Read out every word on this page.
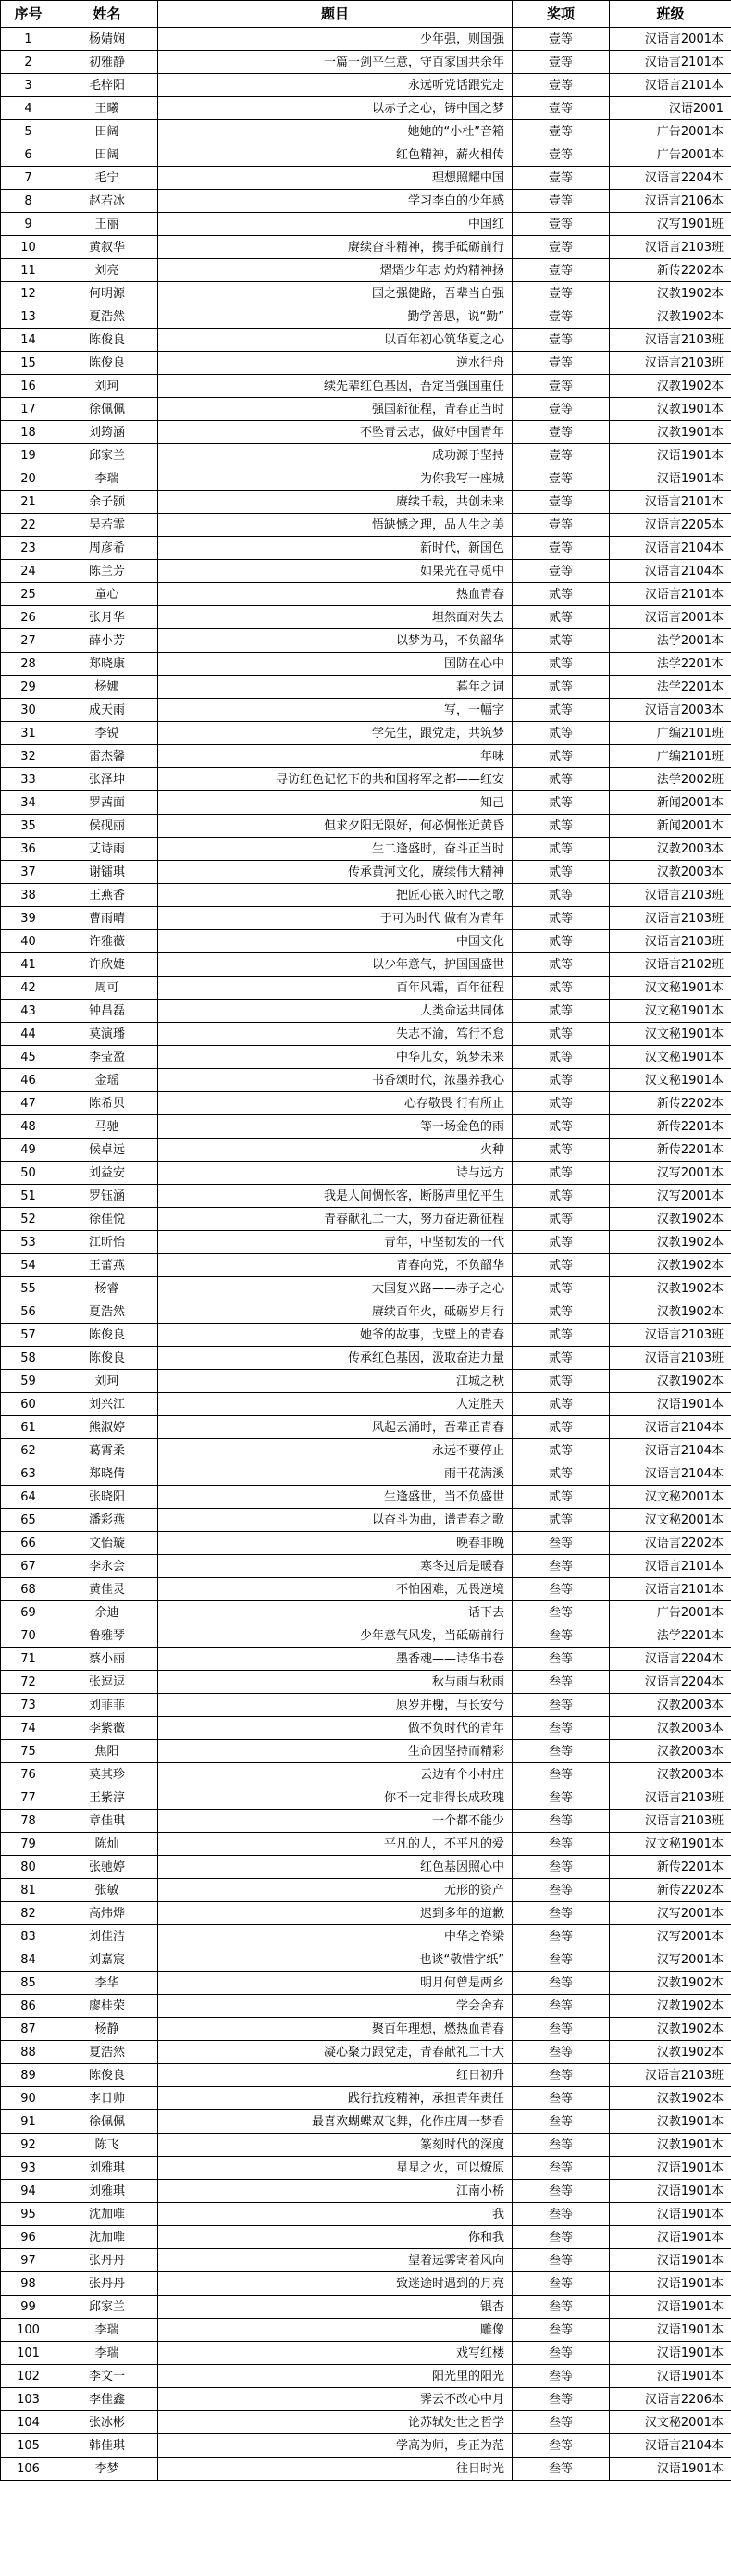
序号	姓名	题目	奖项	班级
1	杨婧娴	少年强，则国强	壹等	汉语言2001本
2	初雅静	一篇一剑平生意，守百家国共余年	壹等	汉语言2101本
3	毛梓阳	永远听党话跟党走	壹等	汉语言2101本
4	王曦	以赤子之心，铸中国之梦	壹等	汉语2001
5	田阔	她她的“小杜”音箱	壹等	广告2001本
6	田阔	红色精神，薪火相传	壹等	广告2001本
7	毛宁	理想照耀中国	壹等	汉语言2204本
8	赵若冰	学习李白的少年感	壹等	汉语言2106本
9	王丽	中国红	壹等	汉写1901班
10	黄叙华	赓续奋斗精神，携手砥砺前行	壹等	汉语言2103班
11	刘亮	熠熠少年志 灼灼精神扬	壹等	新传2202本
12	何明源	国之强健路，吾辈当自强	壹等	汉教1902本
13	夏浩然	勤学善思，说“勤”	壹等	汉教1902本
14	陈俊良	以百年初心筑华夏之心	壹等	汉语言2103班
15	陈俊良	逆水行舟	壹等	汉语言2103班
16	刘珂	续先辈红色基因，吾定当强国重任	壹等	汉教1902本
17	徐佩佩	强国新征程，青春正当时	壹等	汉教1901本
18	刘筠涵	不坠青云志，做好中国青年	壹等	汉教1901本
19	邱家兰	成功源于坚持	壹等	汉语1901本
20	李瑞	为你我写一座城	壹等	汉语1901本
21	余子颢	赓续千载，共创未来	壹等	汉语言2101本
22	吴若霏	悟缺憾之理，品人生之美	壹等	汉语言2205本
23	周彦希	新时代，新国色	壹等	汉语言2104本
24	陈兰芳	如果光在寻觅中	壹等	汉语言2104本
25	童心	热血青春	贰等	汉语言2101本
26	张月华	坦然面对失去	贰等	汉语言2001本
27	薛小芳	以梦为马，不负韶华	贰等	法学2001本
28	郑晓康	国防在心中	贰等	法学2201本
29	杨娜	暮年之词	贰等	法学2201本
30	成天雨	写，一幅字	贰等	汉语言2003本
31	李锐	学先生，跟党走，共筑梦	贰等	广编2101班
32	雷杰馨	年味	贰等	广编2101班
33	张泽坤	寻访红色记忆下的共和国将军之都——红安	贰等	法学2002班
34	罗茜面	知己	贰等	新闻2001本
35	侯砚丽	但求夕阳无限好，何必惆怅近黄昏	贰等	新闻2001本
36	艾诗雨	生二逢盛时，奋斗正当时	贰等	汉教2003本
37	谢镭琪	传承黄河文化，赓续伟大精神	贰等	汉教2003本
38	王燕香	把匠心嵌入时代之歌	贰等	汉语言2103班
39	曹雨晴	于可为时代 做有为青年	贰等	汉语言2103班
40	许雅薇	中国文化	贰等	汉语言2103班
41	许欣婕	以少年意气，护国国盛世	贰等	汉语言2102班
42	周可	百年风霜，百年征程	贰等	汉文秘1901本
43	钟昌磊	人类命运共同体	贰等	汉文秘1901本
44	莫演璠	失志不渝，笃行不怠	贰等	汉文秘1901本
45	李莹盈	中华儿女，筑梦未来	贰等	汉文秘1901本
46	金瑶	书香颂时代，浓墨养我心	贰等	汉文秘1901本
47	陈希贝	心存敬畏 行有所止	贰等	新传2202本
48	马驰	等一场金色的雨	贰等	新传2201本
49	候卓远	火种	贰等	新传2201本
50	刘益安	诗与远方	贰等	汉写2001本
51	罗钰涵	我是人间惆怅客，断肠声里忆平生	贰等	汉写2001本
52	徐佳悦	青春献礼二十大，努力奋进新征程	贰等	汉教1902本
53	江昕怡	青年，中坚韧发的一代	贰等	汉教1902本
54	王蕾燕	青春向党，不负韶华	贰等	汉教1902本
55	杨睿	大国复兴路——赤子之心	贰等	汉教1902本
56	夏浩然	赓续百年火，砥砺岁月行	贰等	汉教1902本
57	陈俊良	她爷的故事，戈壁上的青春	贰等	汉语言2103班
58	陈俊良	传承红色基因，汲取奋进力量	贰等	汉语言2103班
59	刘珂	江城之秋	贰等	汉教1902本
60	刘兴江	人定胜天	贰等	汉语1901本
61	熊淑婷	风起云涌时，吾辈正青春	贰等	汉语言2104本
62	葛霄柔	永远不要停止	贰等	汉语言2104本
63	郑晓倩	雨干花满溪	贰等	汉语言2104本
64	张晓阳	生逢盛世，当不负盛世	贰等	汉文秘2001本
65	潘彩燕	以奋斗为曲，谱青春之歌	贰等	汉文秘2001本
66	文怡璇	晚春非晚	叁等	汉语言2202本
67	李永会	寒冬过后是暖春	叁等	汉语言2101本
68	黄佳灵	不怕困难，无畏逆境	叁等	汉语言2101本
69	余迪	话下去	叁等	广告2001本
70	鲁雅琴	少年意气风发，当砥砺前行	叁等	法学2201本
71	蔡小丽	墨香魂——诗华书卷	叁等	汉语言2204本
72	张逗逗	秋与雨与秋雨	叁等	汉语言2204本
73	刘菲菲	原岁并榭，与长安兮	叁等	汉教2003本
74	李紫薇	做不负时代的青年	叁等	汉教2003本
75	焦阳	生命因坚持而精彩	叁等	汉教2003本
76	莫其珍	云边有个小村庄	叁等	汉教2003本
77	王紫淳	你不一定非得长成玫瑰	叁等	汉语言2103班
78	章佳琪	一个都不能少	叁等	汉语言2103班
79	陈灿	平凡的人，不平凡的爱	叁等	汉文秘1901本
80	张驰婷	红色基因照心中	叁等	新传2201本
81	张敏	无形的资产	叁等	新传2202本
82	高炜烨	迟到多年的道歉	叁等	汉写2001本
83	刘佳洁	中华之脊梁	叁等	汉写2001本
84	刘嘉宸	也谈“敬惜字纸”	叁等	汉写2001本
85	李华	明月何曾是两乡	叁等	汉教1902本
86	廖桂荣	学会舍弃	叁等	汉教1902本
87	杨静	聚百年理想，燃热血青春	叁等	汉教1902本
88	夏浩然	凝心聚力跟党走，青春献礼二十大	叁等	汉教1902本
89	陈俊良	红日初升	叁等	汉语言2103班
90	李日帅	践行抗疫精神，承担青年责任	叁等	汉教1902本
91	徐佩佩	最喜欢蝴蝶双飞舞，化作庄周一梦看	叁等	汉教1901本
92	陈飞	篆刻时代的深度	叁等	汉教1901本
93	刘雅琪	星星之火，可以燎原	叁等	汉语1901本
94	刘雅琪	江南小桥	叁等	汉语1901本
95	沈加唯	我	叁等	汉语1901本
96	沈加唯	你和我	叁等	汉语1901本
97	张丹丹	望着远雾寄着风向	叁等	汉语1901本
98	张丹丹	致迷途时遇到的月亮	叁等	汉语1901本
99	邱家兰	银杏	叁等	汉语1901本
100	李瑞	雕像	叁等	汉语1901本
101	李瑞	戏写红楼	叁等	汉语1901本
102	李文一	阳光里的阳光	叁等	汉语1901本
103	李佳鑫	霁云不改心中月	叁等	汉语言2206本
104	张冰彬	论苏轼处世之哲学	叁等	汉文秘2001本
105	韩佳琪	学高为师，身正为范	叁等	汉语言2104本
106	李梦	往日时光	叁等	汉语1901本
